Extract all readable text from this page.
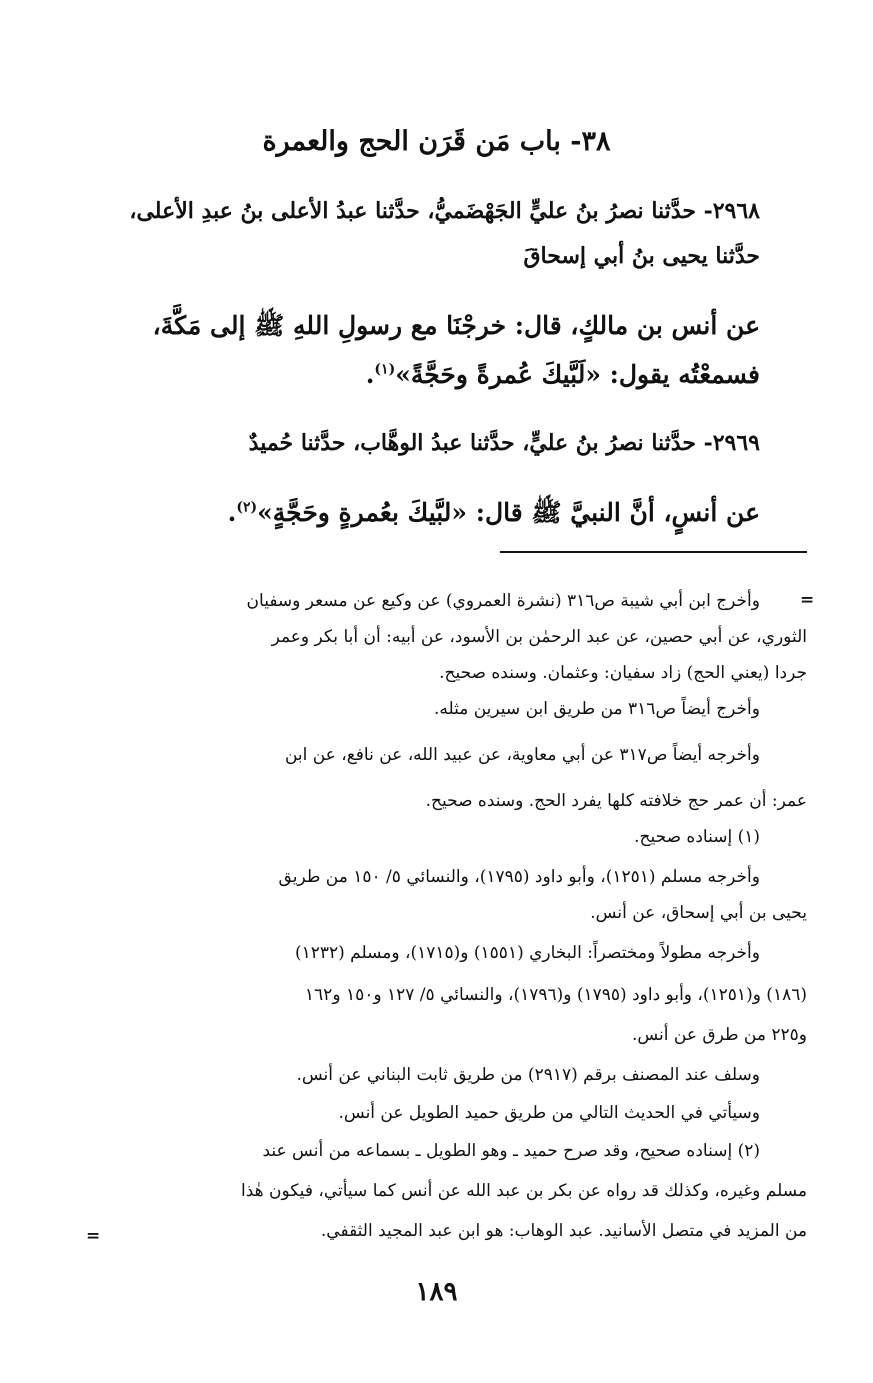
٣٨- باب مَن قَرَن الحج والعمرة
٢٩٦٨- حدَّثنا نصرُ بنُ عليٍّ الجَهْضَميُّ، حدَّثنا عبدُ الأعلى بنُ عبدِ الأعلى،
حدَّثنا يحيى بنُ أبي إسحاقَ
عن أنس بن مالكٍ، قال: خرجْنَا مع رسولِ اللهِ ﷺ إلى مَكَّةَ،
فسمعْتُه يقول: «لَبَّيكَ عُمرةً وحَجَّةً»$^{(١)}$.
٢٩٦٩- حدَّثنا نصرُ بنُ عليٍّ، حدَّثنا عبدُ الوهَّاب، حدَّثنا حُميدٌ
عن أنسٍ، أنَّ النبيَّ ﷺ قال: «لبَّيكَ بعُمرةٍ وحَجَّةٍ»$^{(٢)}$.
=
وأخرج ابن أبي شيبة ص٣١٦ (نشرة العمروي) عن وكيع عن مسعر وسفيان
الثوري، عن أبي حصين، عن عبد الرحمٰن بن الأسود، عن أبيه: أن أبا بكر وعمر
جردا (يعني الحج) زاد سفيان: وعثمان. وسنده صحيح.
وأخرج أيضاً ص٣١٦ من طريق ابن سيرين مثله.
وأخرجه أيضاً ص٣١٧ عن أبي معاوية، عن عبيد الله، عن نافع، عن ابن
عمر: أن عمر حج خلافته كلها يفرد الحج. وسنده صحيح.
(١) إسناده صحيح.
وأخرجه مسلم (١٢٥١)، وأبو داود (١٧٩٥)، والنسائي ٥/ ١٥٠ من طريق
يحيى بن أبي إسحاق، عن أنس.
وأخرجه مطولاً ومختصراً: البخاري (١٥٥١) و(١٧١٥)، ومسلم (١٢٣٢)
(١٨٦) و(١٢٥١)، وأبو داود (١٧٩٥) و(١٧٩٦)، والنسائي ٥/ ١٢٧ و١٥٠ و١٦٢
و٢٢٥ من طرق عن أنس.
وسلف عند المصنف برقم (٢٩١٧) من طريق ثابت البناني عن أنس.
وسيأتي في الحديث التالي من طريق حميد الطويل عن أنس.
(٢) إسناده صحيح، وقد صرح حميد ـ وهو الطويل ـ بسماعه من أنس عند
مسلم وغيره، وكذلك قد رواه عن بكر بن عبد الله عن أنس كما سيأتي، فيكون هٰذا
من المزيد في متصل الأسانيد. عبد الوهاب: هو ابن عبد المجيد الثقفي.
=
١٨٩
